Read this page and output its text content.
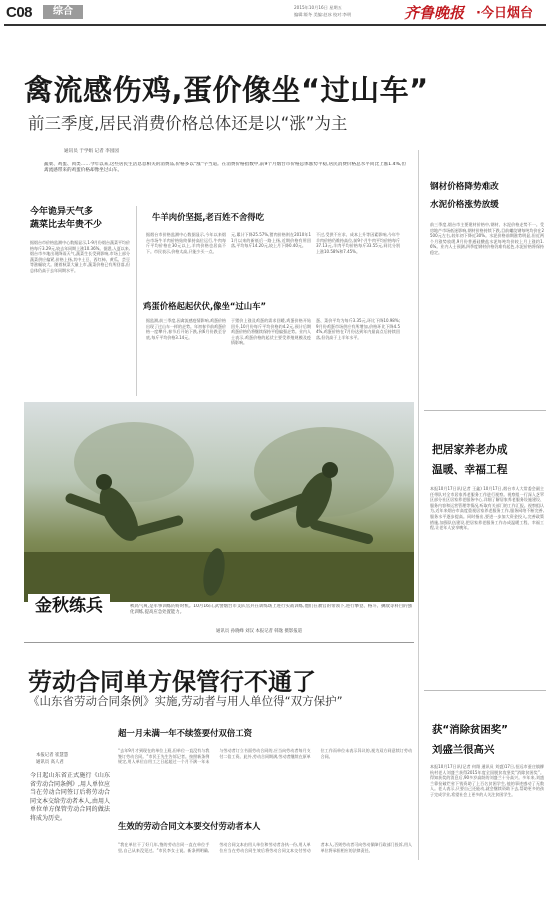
C08	综合	2015年10月16日 星期五
编辑:姬冬 美编:赵冰 校对:李明	齐鲁晚报 ·今日烟台
禽流感伤鸡,蛋价像坐“过山车”
前三季度,居民消费价格总体还是以“涨”为主
通讯员 于学娟 记者 李园园
蔬菜、鸡蛋、肉类……今年以来,这些居民生活息息相关的消费品,价格多以“涨”字当道。在消费价格指数中,前9个月烟台市价格总体涨势平稳,居民消费价格总水平同比上涨1.4%,但禽流感带来的鸡蛋价格却像坐过山车。
今年诡异天气多
蔬菜比去年贵不少
据烟台市价格监测中心数据显示,1-9月份烟台蔬菜平均价格每斤3.29元,较去年同期上涨10.36%。据悉,入夏以来,烟台市多地出现降雨天气,蔬菜生长受到影响,市场上部分蔬菜供应偏紧,价格上扬,其中土豆、西红柿、黄瓜、芸豆等涨幅较大。随着秋菜大量上市,蔬菜价格已有所回落,但总体仍高于去年同期水平。
牛羊肉价坚挺,老百姓不舍得吃
据烟台市价格监测中心数据显示,今年以来烟台市场牛羊肉价格始终保持高位运行,牛肉每斤平均价格在30元以上,羊肉价格也居高不下。市民表示,价格太高,只能少买一点。
元,累计下降25.57%,猪肉价格则在2010年11月以来的新低后一路上扬,近期价格有所回落,平均每斤14.20元,较上月下降0.40元。
不过,受供不应求、成本上升等因素影响,今年牛羊肉价格仍维持高位,前9个月牛肉平均价格每斤37.13元,羊肉平均价格每斤33.55元,同比分别上涨10.58%和7.45%。
鸡蛋价格起起伏伏,像坐“过山车”
据监测,前三季度,因禽流感疫情影响,鸡蛋价格出现了过山车一样的走势。年初春节前鸡蛋价格一度攀升,春节后开始下跌,到6月份跌至谷底,每斤平均价格3.14元。
于猪价上涨及鸡蛋的需求回暖,鸡蛋价格开始回升,10月份每斤平均价格约4.2元,预计后期鸡蛋价格仍将继续保持平稳偏强走势。业内人士表示,鸡蛋价格的起伏主要受养殖规模及疫情影响。
蛋、菜价平均为每斤3.35元,环比下降10.98%;9月份鸡蛋市场供应有所增加,价格环比下降4.54%,鸡蛋价格在7月份达到年内最高点后持续回落,但仍高于上半年水平。
钢材价格降势难改
水泥价格涨势放缓
前三季度,烟台市主要建材价格中,钢材、水泥价格走势不一。受房地产市场低迷影响,钢材价格持续下跌,目前螺纹钢每吨均价在2500元左右,较年初下降近30%。水泥价格前期涨势明显,但近两个月涨势放缓,9月份普通硅酸盐水泥每吨均价较上月上涨约1.6%。业内人士预测,四季度钢材价格仍难有起色,水泥价格将保持稳定。
金秋练兵	秋高气爽,是军事训练的好时机。10月16日,武警烟台市支队官兵在训练场上进行实战训练,他们在教官的带领下,进行攀登、格斗、擒敌等科目的强化训练,提高应急处置能力。
通讯员 孙晓峰 刘汉 本报记者 韩逸 摄影报道
把居家养老办成
温暖、幸福工程
本报10月17日讯(记者 王鑫) 10月17日,烟台市人大常委会副主任带队对全市居家养老服务工作进行视察。视察组一行深入芝罘区部分社区居家养老服务中心,详细了解居家养老服务设施建设、服务内容和运营管理等情况,听取有关部门的工作汇报。视察组认为,近年来烟台市高度重视居家养老服务工作,服务网络不断完善,服务水平逐步提高。同时指出,要进一步加大资金投入,完善政策措施,加强队伍建设,把居家养老服务工作办成温暖工程、幸福工程,让老年人安享晚年。
劳动合同单方保管行不通了
《山东省劳动合同条例》实施,劳动者与用人单位得“双方保护”
本报记者 崔慧慧
通讯员 高人君
今日起山东省正式施行《山东省劳动合同条例》,用人单位应当在劳动合同签订后将劳动合同文本交给劳动者本人,由用人单位单方保管劳动合同的做法将成为历史。
超一月未满一年不续签要付双倍工资
“去年9月才到现在的单位上班,但单位一直没有与我签订劳动合同。”市民王先生告诉记者。按照新条例规定,用人单位自用工之日起超过一个月不满一年未与劳动者订立书面劳动合同的,应当向劳动者每月支付二倍工资。此外,劳动合同期满,劳动者继续在原单位工作而单位未表示异议的,视为双方同意续订劳动合同。
生效的劳动合同文本要交付劳动者本人
“我在单位干了好几年,签的劳动合同一直在单位手里,自己从来没见过。”市民李女士说。新条例明确,劳动合同文本由用人单位和劳动者各执一份,用人单位应当在劳动合同生效后将劳动合同文本交付劳动者本人,否则劳动者可向劳动保障行政部门投诉,用人单位将承担相应的法律责任。
获“消除贫困奖”
刘盛兰很高兴
本报10月17日讯(记者 何翔 通讯员 刘盛)17日,招远市蚕庄镇柳杭村老人刘盛兰获得2015年度全国脱贫攻坚奖“消除贫困奖”。得知获奖的消息后,90多岁高龄的刘盛兰十分高兴。多年来,刘盛兰靠捡破烂省下钱资助了上百名贫困学生,他的事迹感动了无数人。老人表示,只要自己还能动,就会继续资助下去,帮助更多的孩子完成学业,希望社会上更多的人关注贫困学生。
